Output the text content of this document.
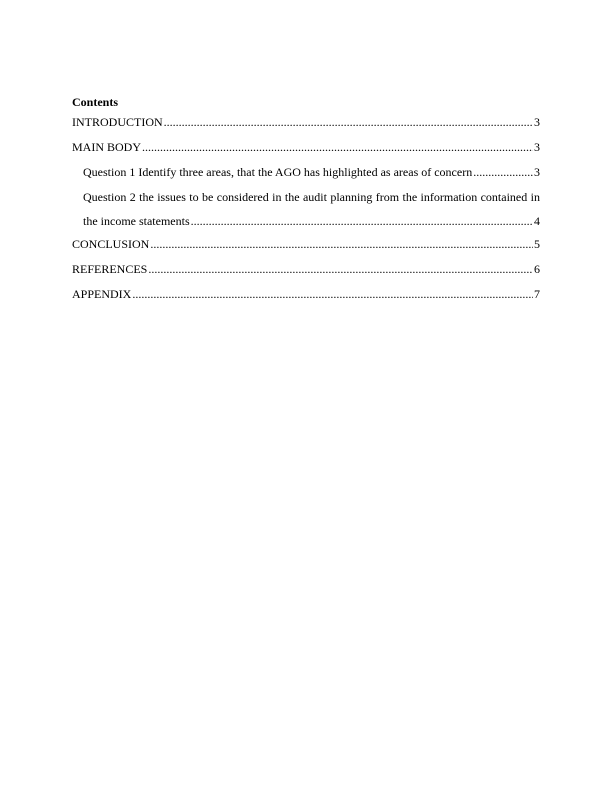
Contents
INTRODUCTION .....	3
MAIN BODY .....	3
Question 1 Identify three areas, that the AGO has highlighted as areas of concern .....	3
Question 2 the issues to be considered in the audit planning from the information contained in
the income statements .....	4
CONCLUSION .....	5
REFERENCES .....	6
APPENDIX .....	7
